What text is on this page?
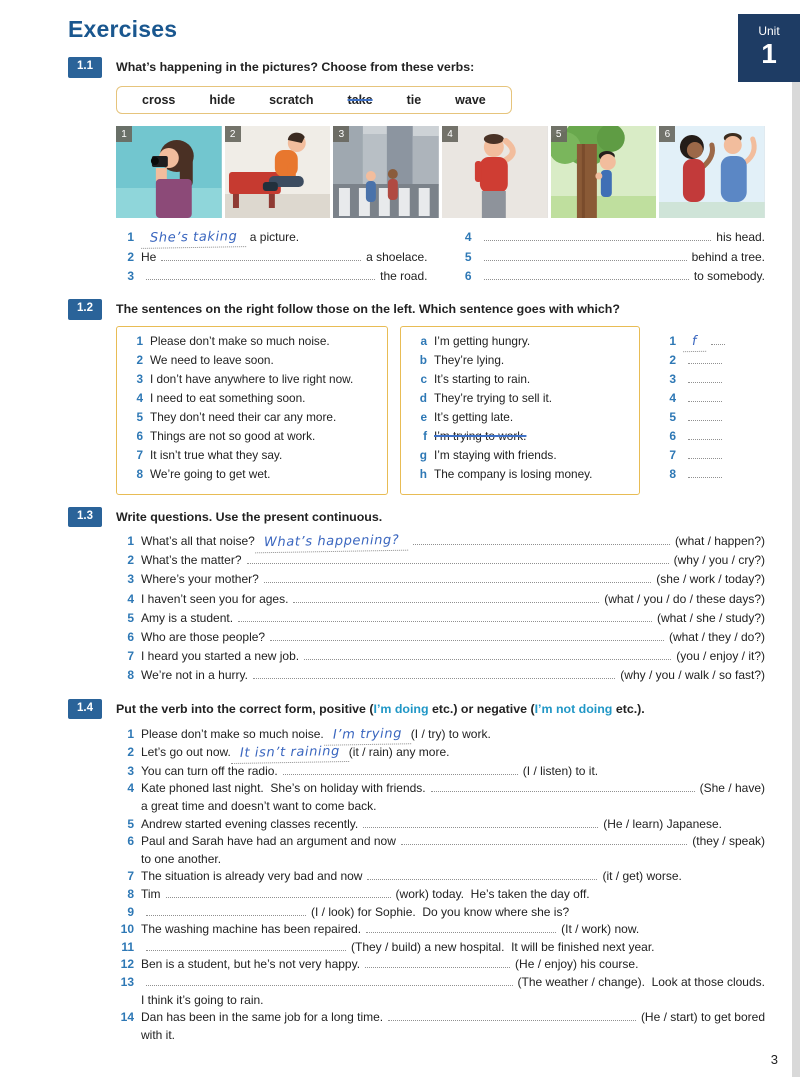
Unit
1
Exercises
1.1	What’s happening in the pictures? Choose from these verbs:
cross	hide	scratch	take	tie	wave
1	2	3	4	5	6
1	She’s taking a picture.
2 He	a shoelace.
3	the road.
4	his head.
5	behind a tree.
6	to somebody.
1.2	The sentences on the right follow those on the left. Which sentence goes with which?
1 Please don’t make so much noise.
2 We need to leave soon.
3 I don’t have anywhere to live right now.
4 I need to eat something soon.
5 They don’t need their car any more.
6 Things are not so good at work.
7 It isn’t true what they say.
8 We’re going to get wet.
a I’m getting hungry.
b They’re lying.
c It’s starting to rain.
d They’re trying to sell it.
e It’s getting late.
f I’m trying to work.
g I’m staying with friends.
h The company is losing money.
1	f
2
3
4
5
6
7
8
1.3	Write questions. Use the present continuous.
1 What’s all that noise? What’s happening?	(what / happen?)
2 What’s the matter?	(why / you / cry?)
3 Where’s your mother?	(she / work / today?)
4 I haven’t seen you for ages.	(what / you / do / these days?)
5 Amy is a student.	(what / she / study?)
6 Who are those people?	(what / they / do?)
7 I heard you started a new job.	(you / enjoy / it?)
8 We’re not in a hurry.	(why / you / walk / so fast?)
1.4	Put the verb into the correct form, positive ( I’m doing etc.) or negative ( I’m not doing etc.).
1 Please don’t make so much noise. I’m trying (I / try) to work.
2 Let’s go out now. It isn’t raining (it / rain) any more.
3 You can turn off the radio.	(I / listen) to it.
4 Kate phoned last night.  She’s on holiday with friends.	(She / have)
a great time and doesn’t want to come back.
5 Andrew started evening classes recently.	(He / learn) Japanese.
6 Paul and Sarah have had an argument and now	(they / speak)
to one another.
7 The situation is already very bad and now	(it / get) worse.
8 Tim	(work) today.  He’s taken the day off.
9	(I / look) for Sophie.  Do you know where she is?
10 The washing machine has been repaired.	(It / work) now.
11	(They / build) a new hospital.  It will be finished next year.
12 Ben is a student, but he’s not very happy.	(He / enjoy) his course.
13	(The weather / change).  Look at those clouds.
I think it’s going to rain.
14 Dan has been in the same job for a long time.	(He / start) to get bored
with it.
3
